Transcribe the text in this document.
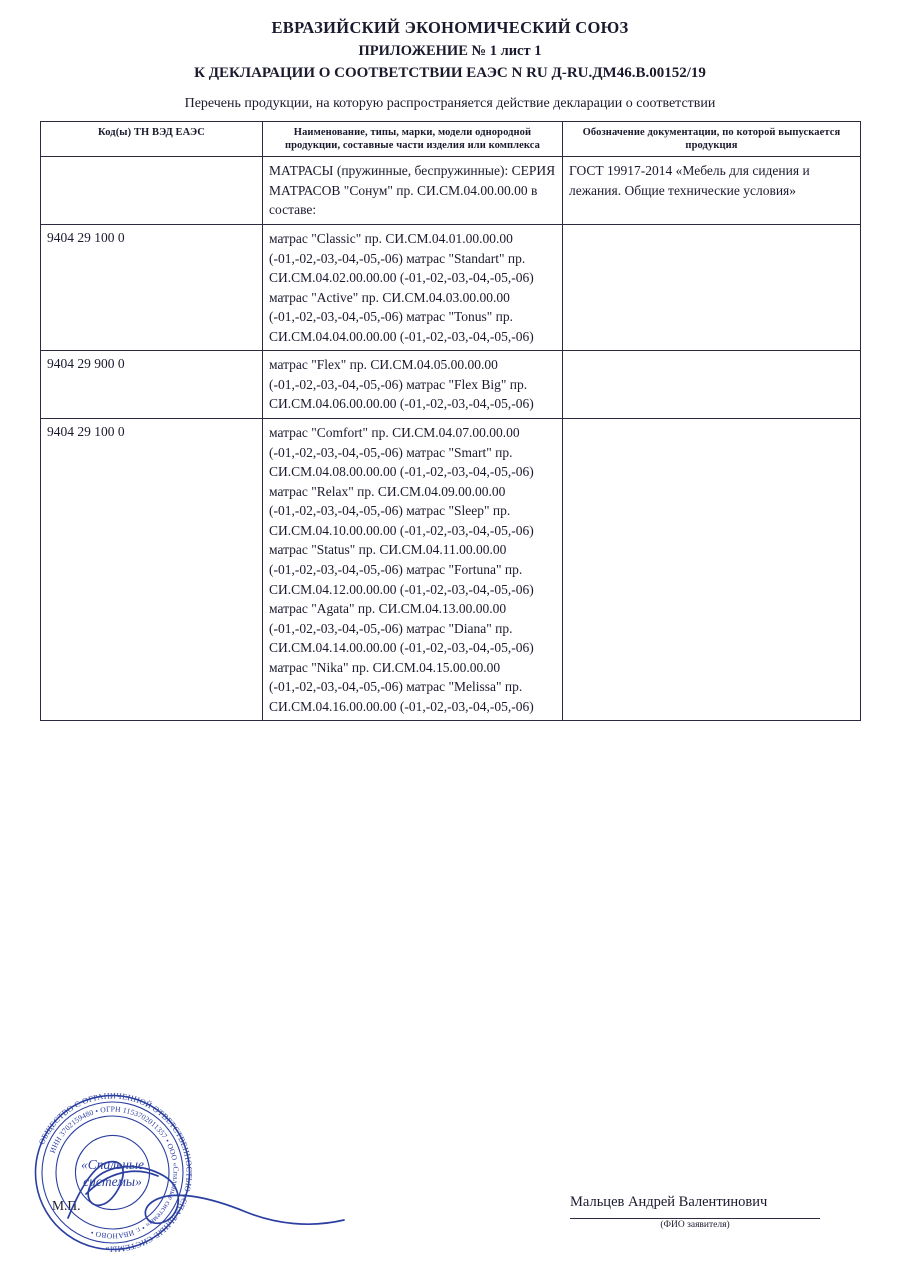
ЕВРАЗИЙСКИЙ ЭКОНОМИЧЕСКИЙ СОЮЗ
ПРИЛОЖЕНИЕ № 1 лист 1
К ДЕКЛАРАЦИИ О СООТВЕТСТВИИ ЕАЭС N RU Д-RU.ДМ46.В.00152/19
Перечень продукции, на которую распространяется действие декларации о соответствии
Код(ы) ТН ВЭД ЕАЭС	Наименование, типы, марки, модели однородной продукции, составные части изделия или комплекса	Обозначение документации, по которой выпускается продукция
	МАТРАСЫ (пружинные, беспружинные): СЕРИЯ МАТРАСОВ "Сонум" пр. СИ.СМ.04.00.00.00 в составе:	ГОСТ 19917-2014 «Мебель для сидения и лежания. Общие технические условия»
9404 29 100 0	матрас "Classic" пр. СИ.СМ.04.01.00.00.00 (-01,-02,-03,-04,-05,-06) матрас "Standart" пр. СИ.СМ.04.02.00.00.00 (-01,-02,-03,-04,-05,-06) матрас "Active" пр. СИ.СМ.04.03.00.00.00 (-01,-02,-03,-04,-05,-06) матрас "Tonus" пр. СИ.СМ.04.04.00.00.00 (-01,-02,-03,-04,-05,-06)	
9404 29 900 0	матрас "Flex" пр. СИ.СМ.04.05.00.00.00 (-01,-02,-03,-04,-05,-06) матрас "Flex Big" пр. СИ.СМ.04.06.00.00.00 (-01,-02,-03,-04,-05,-06)	
9404 29 100 0	матрас "Comfort" пр. СИ.СМ.04.07.00.00.00 (-01,-02,-03,-04,-05,-06) матрас "Smart" пр. СИ.СМ.04.08.00.00.00 (-01,-02,-03,-04,-05,-06) матрас "Relax" пр. СИ.СМ.04.09.00.00.00 (-01,-02,-03,-04,-05,-06) матрас "Sleep" пр. СИ.СМ.04.10.00.00.00 (-01,-02,-03,-04,-05,-06) матрас "Status" пр. СИ.СМ.04.11.00.00.00 (-01,-02,-03,-04,-05,-06) матрас "Fortuna" пр. СИ.СМ.04.12.00.00.00 (-01,-02,-03,-04,-05,-06) матрас "Agata" пр. СИ.СМ.04.13.00.00.00 (-01,-02,-03,-04,-05,-06) матрас "Diana" пр. СИ.СМ.04.14.00.00.00 (-01,-02,-03,-04,-05,-06) матрас "Nika" пр. СИ.СМ.04.15.00.00.00 (-01,-02,-03,-04,-05,-06) матрас "Melissa" пр. СИ.СМ.04.16.00.00.00 (-01,-02,-03,-04,-05,-06)	
М.П.	Мальцев Андрей Валентинович
(ФИО заявителя)
ОБЩЕСТВО С ОГРАНИЧЕННОЙ ОТВЕТСТВЕННОСТЬЮ «СПАЛЬНЫЕ СИСТЕМЫ»
ИНН 3702159480 • ОГРН 1153702011357 • ООО «Спальные системы» • г. ИВАНОВО •
«Спальные
системы»
